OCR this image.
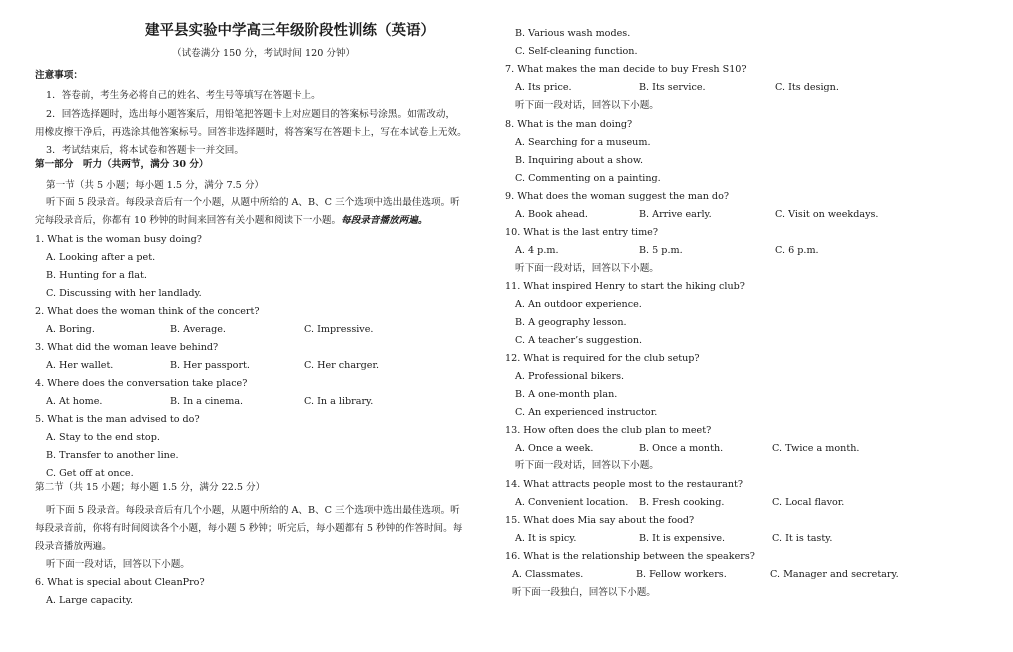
建平县实验中学高三年级阶段性训练（英语）
（试卷满分 150 分，考试时间 120 分钟）
注意事项：
1．答卷前，考生务必将自己的姓名、考生号等填写在答题卡上。
2．回答选择题时，选出每小题答案后，用铅笔把答题卡上对应题目的答案标号涂黑。如需改动，
用橡皮擦干净后，再选涂其他答案标号。回答非选择题时，将答案写在答题卡上，写在本试卷上无效。
3．考试结束后，将本试卷和答题卡一并交回。
第一部分　听力（共两节，满分 30 分）
第一节（共 5 小题；每小题 1.5 分，满分 7.5 分）
听下面 5 段录音。每段录音后有一个小题，从题中所给的 A、B、C 三个选项中选出最佳选项。听
完每段录音后，你都有 10 秒钟的时间来回答有关小题和阅读下一小题。每段录音播放两遍。
1. What is the woman busy doing?
A. Looking after a pet.
B. Hunting for a flat.
C. Discussing with her landlady.
2. What does the woman think of the concert?
A. Boring.	B. Average.	C. Impressive.
3. What did the woman leave behind?
A. Her wallet.	B. Her passport.	C. Her charger.
4. Where does the conversation take place?
A. At home.	B. In a cinema.	C. In a library.
5. What is the man advised to do?
A. Stay to the end stop.
B. Transfer to another line.
C. Get off at once.
第二节（共 15 小题；每小题 1.5 分，满分 22.5 分）
听下面 5 段录音。每段录音后有几个小题，从题中所给的 A、B、C 三个选项中选出最佳选项。听
每段录音前，你将有时间阅读各个小题，每小题 5 秒钟；听完后，每小题都有 5 秒钟的作答时间。每
段录音播放两遍。
听下面一段对话，回答以下小题。
6. What is special about CleanPro?
A. Large capacity.
B. Various wash modes.
C. Self-cleaning function.
7. What makes the man decide to buy Fresh S10?
A. Its price.	B. Its service.	C. Its design.
听下面一段对话，回答以下小题。
8. What is the man doing?
A. Searching for a museum.
B. Inquiring about a show.
C. Commenting on a painting.
9. What does the woman suggest the man do?
A. Book ahead.	B. Arrive early.	C. Visit on weekdays.
10. What is the last entry time?
A. 4 p.m.	B. 5 p.m.	C. 6 p.m.
听下面一段对话，回答以下小题。
11. What inspired Henry to start the hiking club?
A. An outdoor experience.
B. A geography lesson.
C. A teacher’s suggestion.
12. What is required for the club setup?
A. Professional bikers.
B. A one-month plan.
C. An experienced instructor.
13. How often does the club plan to meet?
A. Once a week.	B. Once a month.	C. Twice a month.
听下面一段对话，回答以下小题。
14. What attracts people most to the restaurant?
A. Convenient location. B. Fresh cooking.	C. Local flavor.
15. What does Mia say about the food?
A. It is spicy.	B. It is expensive.	C. It is tasty.
16. What is the relationship between the speakers?
A. Classmates.	B. Fellow workers.	C. Manager and secretary.
听下面一段独白，回答以下小题。
